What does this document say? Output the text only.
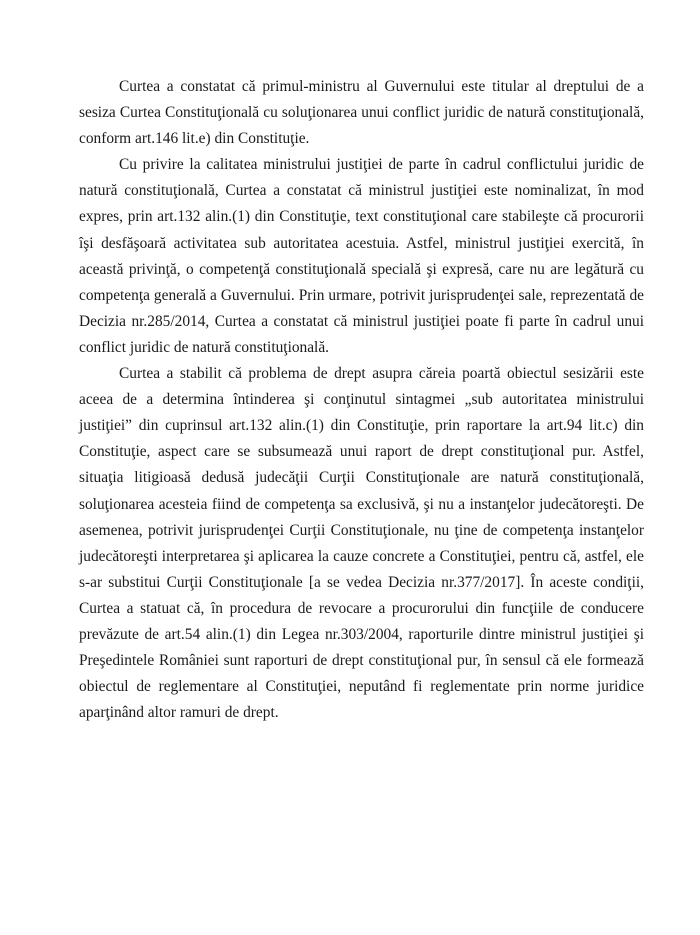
Curtea a constatat că primul-ministru al Guvernului este titular al dreptului de a sesiza Curtea Constituţională cu soluţionarea unui conflict juridic de natură constituţională, conform art.146 lit.e) din Constituţie.

Cu privire la calitatea ministrului justiţiei de parte în cadrul conflictului juridic de natură constituţională, Curtea a constatat că ministrul justiţiei este nominalizat, în mod expres, prin art.132 alin.(1) din Constituţie, text constituţional care stabileşte că procurorii îşi desfăşoară activitatea sub autoritatea acestuia. Astfel, ministrul justiţiei exercită, în această privinţă, o competenţă constituţională specială şi expresă, care nu are legătură cu competenţa generală a Guvernului. Prin urmare, potrivit jurisprudenţei sale, reprezentată de Decizia nr.285/2014, Curtea a constatat că ministrul justiţiei poate fi parte în cadrul unui conflict juridic de natură constituţională.

Curtea a stabilit că problema de drept asupra căreia poartă obiectul sesizării este aceea de a determina întinderea şi conţinutul sintagmei „sub autoritatea ministrului justiţiei” din cuprinsul art.132 alin.(1) din Constituţie, prin raportare la art.94 lit.c) din Constituţie, aspect care se subsumează unui raport de drept constituţional pur. Astfel, situaţia litigioasă dedusă judecăţii Curţii Constituţionale are natură constituţională, soluţionarea acesteia fiind de competenţa sa exclusivă, şi nu a instanţelor judecătoreşti. De asemenea, potrivit jurisprudenţei Curţii Constituţionale, nu ţine de competenţa instanţelor judecătoreşti interpretarea şi aplicarea la cauze concrete a Constituţiei, pentru că, astfel, ele s-ar substitui Curţii Constituţionale [a se vedea Decizia nr.377/2017]. În aceste condiţii, Curtea a statuat că, în procedura de revocare a procurorului din funcţiile de conducere prevăzute de art.54 alin.(1) din Legea nr.303/2004, raporturile dintre ministrul justiţiei şi Preşedintele României sunt raporturi de drept constituţional pur, în sensul că ele formează obiectul de reglementare al Constituţiei, neputând fi reglementate prin norme juridice aparţinând altor ramuri de drept.
